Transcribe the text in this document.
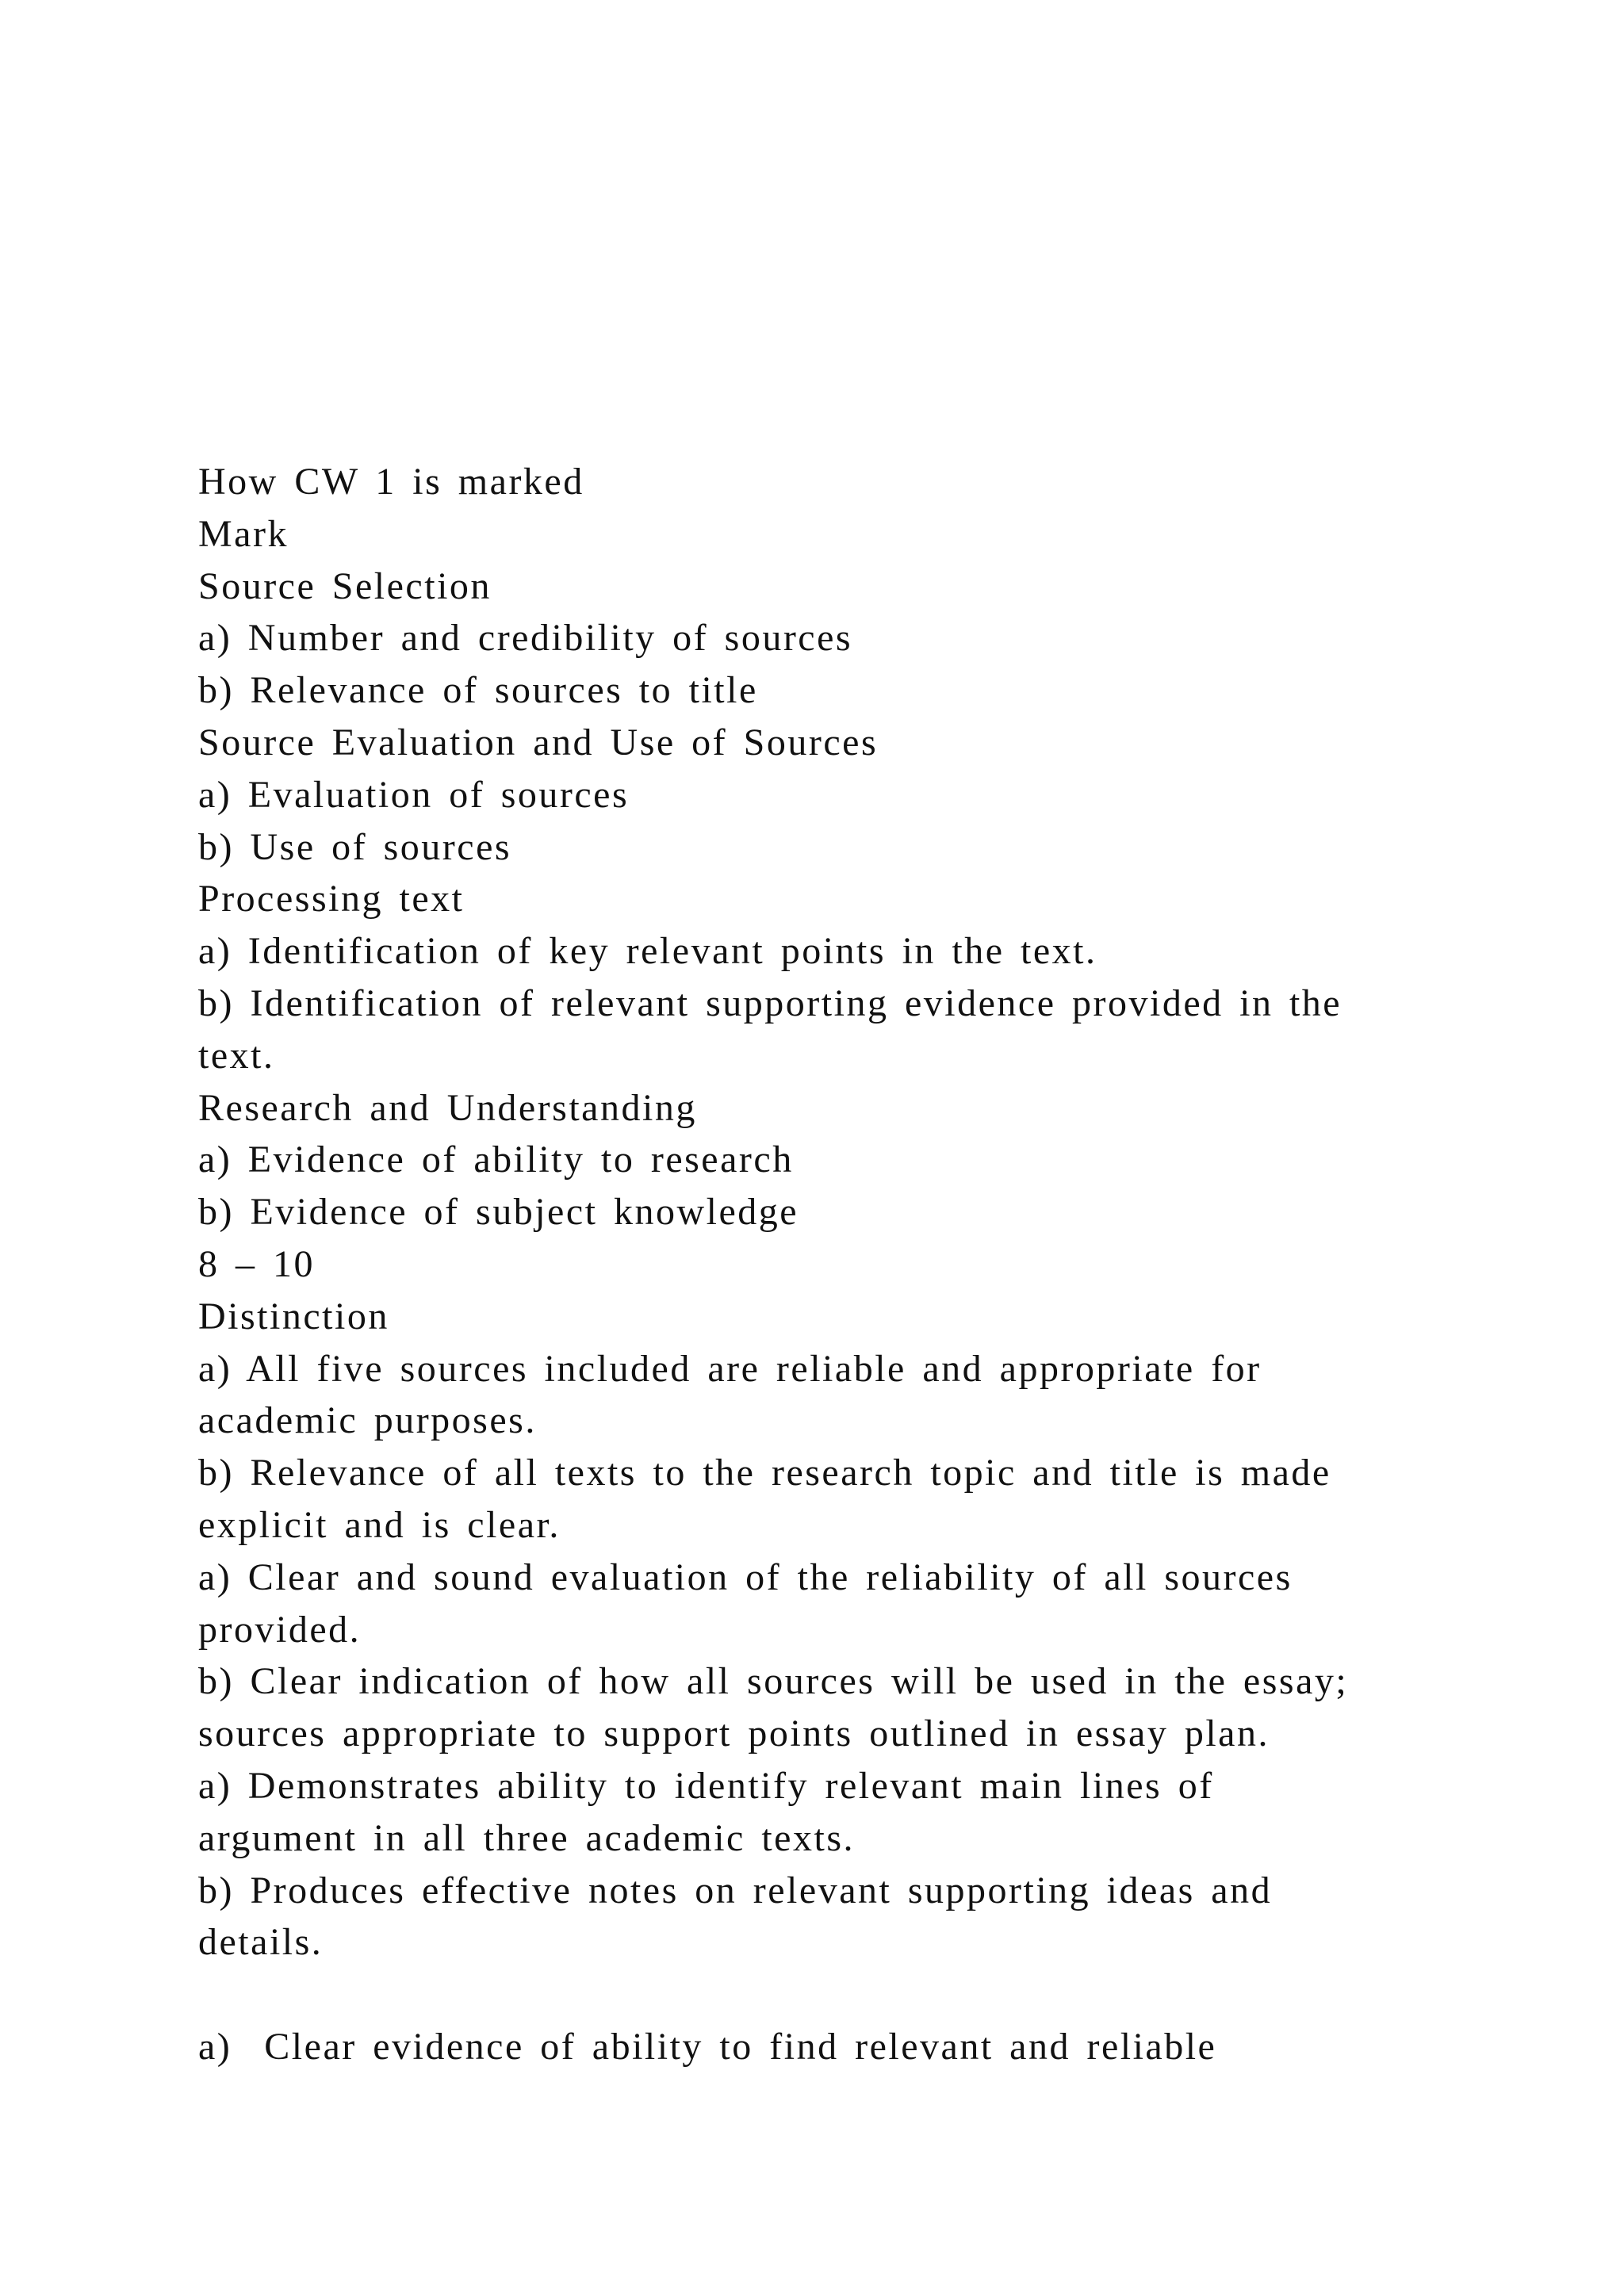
How CW 1 is marked
Mark
Source Selection
a) Number and credibility of sources
b) Relevance of sources to title
Source Evaluation and Use of Sources
a) Evaluation of sources
b) Use of sources
Processing text
a) Identification of key relevant points in the text.
b) Identification of relevant supporting evidence provided in the
text.
Research and Understanding
a) Evidence of ability to research
b) Evidence of subject knowledge
8 – 10
Distinction
a) All five sources included are reliable and appropriate for
academic purposes.
b) Relevance of all texts to the research topic and title is made
explicit and is clear.
a) Clear and sound evaluation of the reliability of all sources
provided.
b) Clear indication of how all sources will be used in the essay;
sources appropriate to support points outlined in essay plan.
a) Demonstrates ability to identify relevant main lines of
argument in all three academic texts.
b) Produces effective notes on relevant supporting ideas and
details.
a)  Clear evidence of ability to find relevant and reliable
